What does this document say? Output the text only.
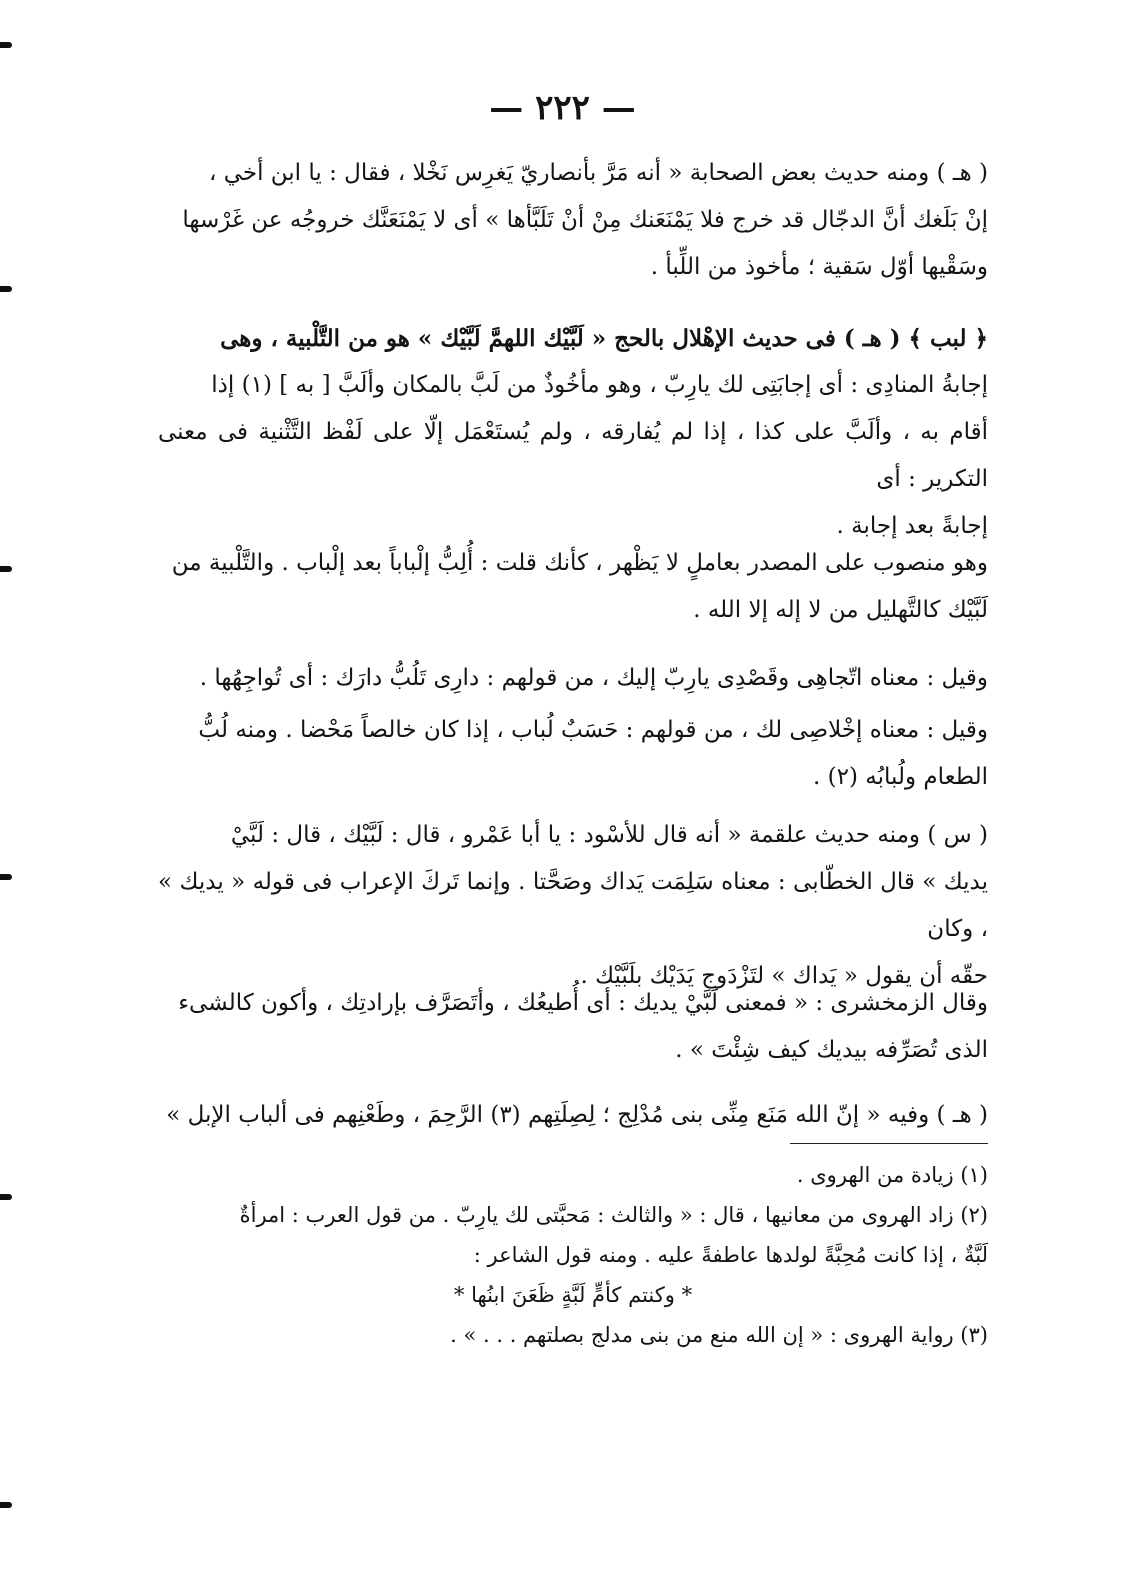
— ٢٢٢ —

( هـ ) ومنه حديث بعض الصحابة « أنه مَرَّ بأنصاريّ يَغرِس نَخْلا ، فقال : يا ابن أخي ،
إنْ بَلَغك أنَّ الدجّال قد خرج فلا يَمْنَعَنك مِنْ أنْ تَلَبَّأها » أى لا يَمْنَعَنَّك خروجُه عن غَرْسها
وسَقْيها أوّل سَقية ؛ مأخوذ من اللِّبأ .

﴿ لبب ﴾ ( هـ ) فى حديث الإهْلال بالحج « لَبَّيْك اللهمَّ لَبَّيْك » هو من التَّلْبية ، وهى
إجابةُ المنادِى : أى إجابَتِى لك يارِبّ ، وهو مأخُوذٌ من لَبَّ بالمكان وألَبَّ [ به ] (١) إذا
أقام به ، وألَبَّ على كذا ، إذا لم يُفارقه ، ولم يُستَعْمَل إلّا على لَفْظ التَّثْنية فى معنى التكرير : أى
إجابةً بعد إجابة .

وهو منصوب على المصدر بعاملٍ لا يَظْهر ، كأنك قلت : أُلِبُّ إلْباباً بعد إلْباب . والتَّلْبية من
لَبَّيْك كالتَّهليل من لا إله إلا الله .

وقيل : معناه اتّجاهِى وقَصْدِى يارِبّ إليك ، من قولهم : دارِى تَلُبُّ دارَك : أى تُواجِهُها .

وقيل : معناه إخْلاصِى لك ، من قولهم : حَسَبٌ لُباب ، إذا كان خالصاً مَحْضا . ومنه لُبُّ
الطعام ولُبابُه (٢) .

( س ) ومنه حديث علقمة « أنه قال للأسْود : يا أبا عَمْرو ، قال : لَبَّيْك ، قال : لَبَّيْ
يديك » قال الخطّابى : معناه سَلِمَت يَداك وصَحَّتا . وإنما تَركَ الإعراب فى قوله « يديك » ، وكان
حقّه أن يقول « يَداك » لتَزْدَوج يَدَيْك بلَبَّيْك .

وقال الزمخشرى : « فمعنى لَبَّيْ يديك : أى أُطيعُك ، وأتَصَرَّف بإرادتِك ، وأكون كالشىء
الذى تُصَرِّفه بيديك كيف شِئْتَ » .

( هـ ) وفيه « إنّ الله مَنَع مِنِّى بنى مُدْلِج ؛ لِصِلَتِهم (٣) الرَّحِمَ ، وطَعْنِهم فى ألباب الإبل »

(١) زيادة من الهروى .

(٢) زاد الهروى من معانيها ، قال : « والثالث : مَحبَّتى لك يارِبّ . من قول العرب : امرأةٌ
لَبَّةٌ ، إذا كانت مُحِبَّةً لولدها عاطفةً عليه . ومنه قول الشاعر :

* وكنتم كأمٍّ لَبَّةٍ ظَعَنَ ابنُها *

(٣) رواية الهروى : « إن الله منع من بنى مدلج بصلتهم . . . » .
